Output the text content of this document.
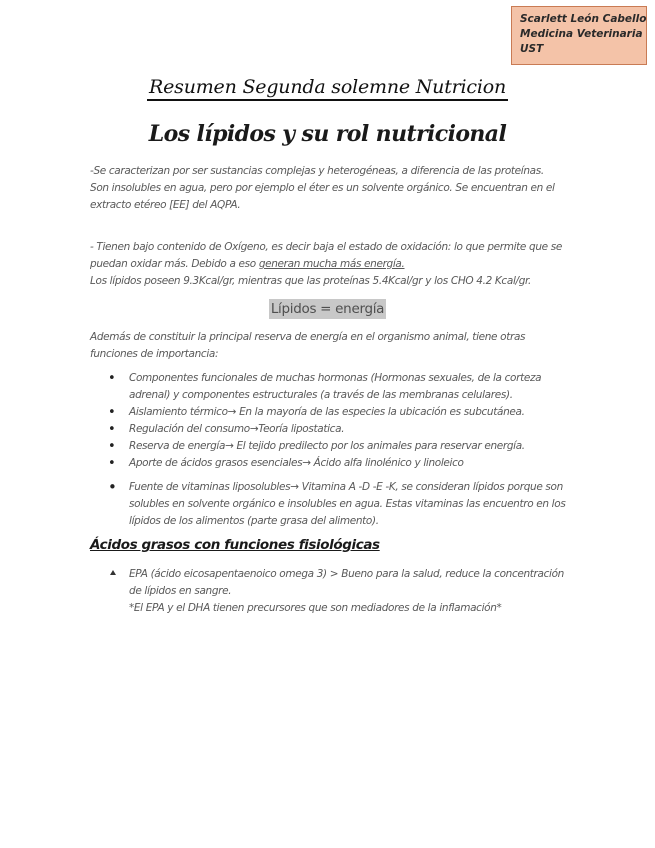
Scarlett León Cabello
Medicina Veterinaria
UST
Resumen Segunda solemne Nutricion
Los lípidos y su rol nutricional

-Se caracterizan por ser sustancias complejas y heterogéneas, a diferencia de las proteínas.

Son insolubles en agua, pero por ejemplo el éter es un solvente orgánico. Se encuentran en el extracto etéreo [EE] del AQPA.

- Tienen bajo contenido de Oxígeno, es decir baja el estado de oxidación: lo que permite que se puedan oxidar más. Debido a eso generan mucha más energía.

Los lípidos poseen 9.3Kcal/gr, mientras que las proteínas 5.4Kcal/gr y los CHO 4.2 Kcal/gr.

Lípidos = energía
Además de constituir la principal reserva de energía en el organismo animal, tiene otras funciones de importancia:
• Componentes funcionales de muchas hormonas (Hormonas sexuales, de la corteza adrenal) y componentes estructurales (a través de las membranas celulares).
• Aislamiento térmico→ En la mayoría de las especies la ubicación es subcutánea.
• Regulación del consumo→Teoría lipostatica.
• Reserva de energía→ El tejido predilecto por los animales para reservar energía.
• Aporte de ácidos grasos esenciales→ Ácido alfa linolénico y linoleico
• Fuente de vitaminas liposolubles→ Vitamina A -D -E -K, se consideran lípidos porque son solubles en solvente orgánico e insolubles en agua. Estas vitaminas las encuentro en los lípidos de los alimentos (parte grasa del alimento).
Ácidos grasos con funciones fisiológicas

EPA (ácido eicosapentaenoico omega 3) > Bueno para la salud, reduce la concentración de lípidos en sangre.

*El EPA y el DHA tienen precursores que son mediadores de la inflamación*
